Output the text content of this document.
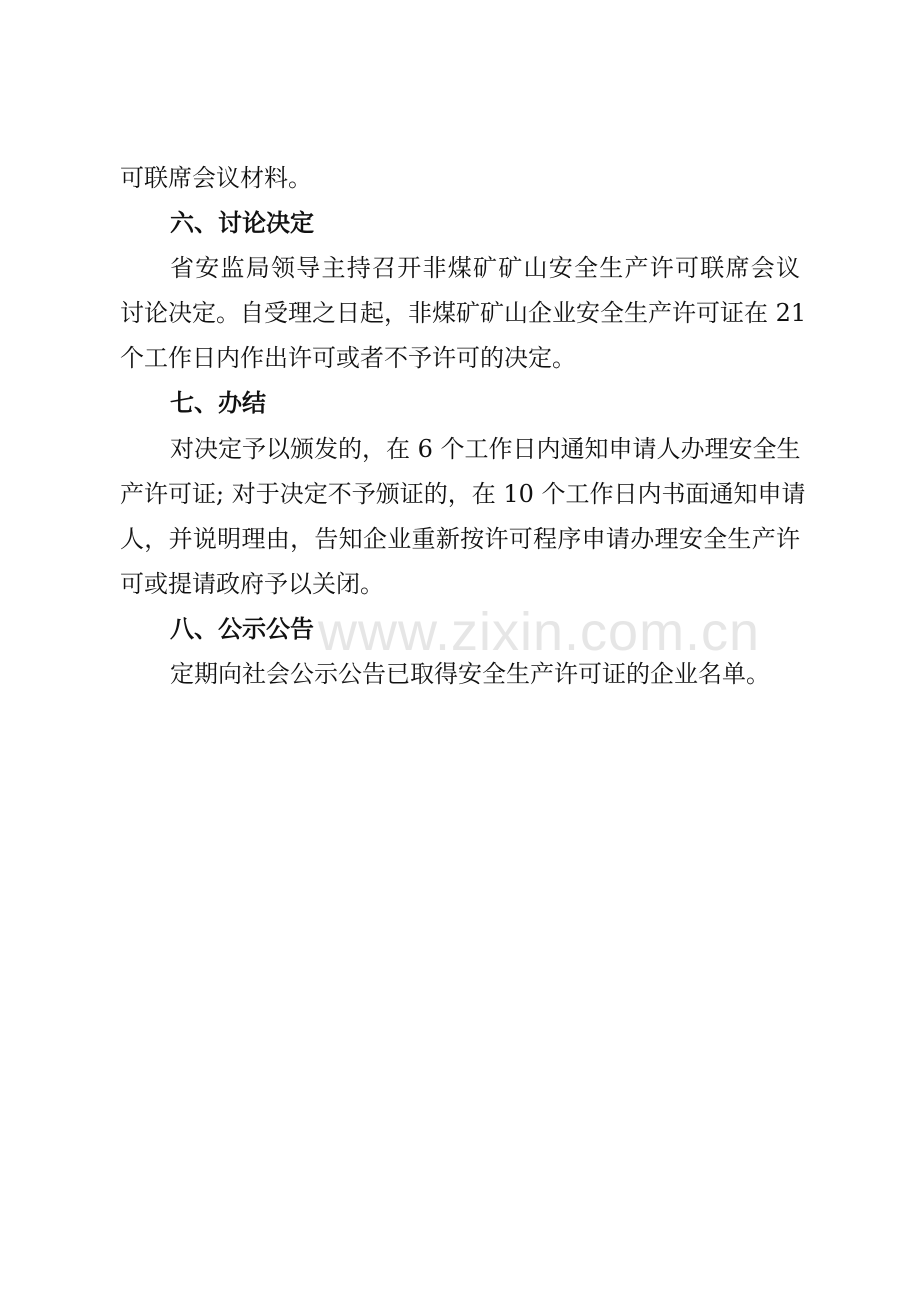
www.zixin.com.cn
可联席会议材料。
六、讨论决定
省安监局领导主持召开非煤矿矿山安全生产许可联席会议
讨论决定。自受理之日起，非煤矿矿山企业安全生产许可证在 21
个工作日内作出许可或者不予许可的决定。
七、办结
对决定予以颁发的，在 6 个工作日内通知申请人办理安全生
产许可证; 对于决定不予颁证的，在 10 个工作日内书面通知申请
人，并说明理由，告知企业重新按许可程序申请办理安全生产许
可或提请政府予以关闭。
八、公示公告
定期向社会公示公告已取得安全生产许可证的企业名单。
